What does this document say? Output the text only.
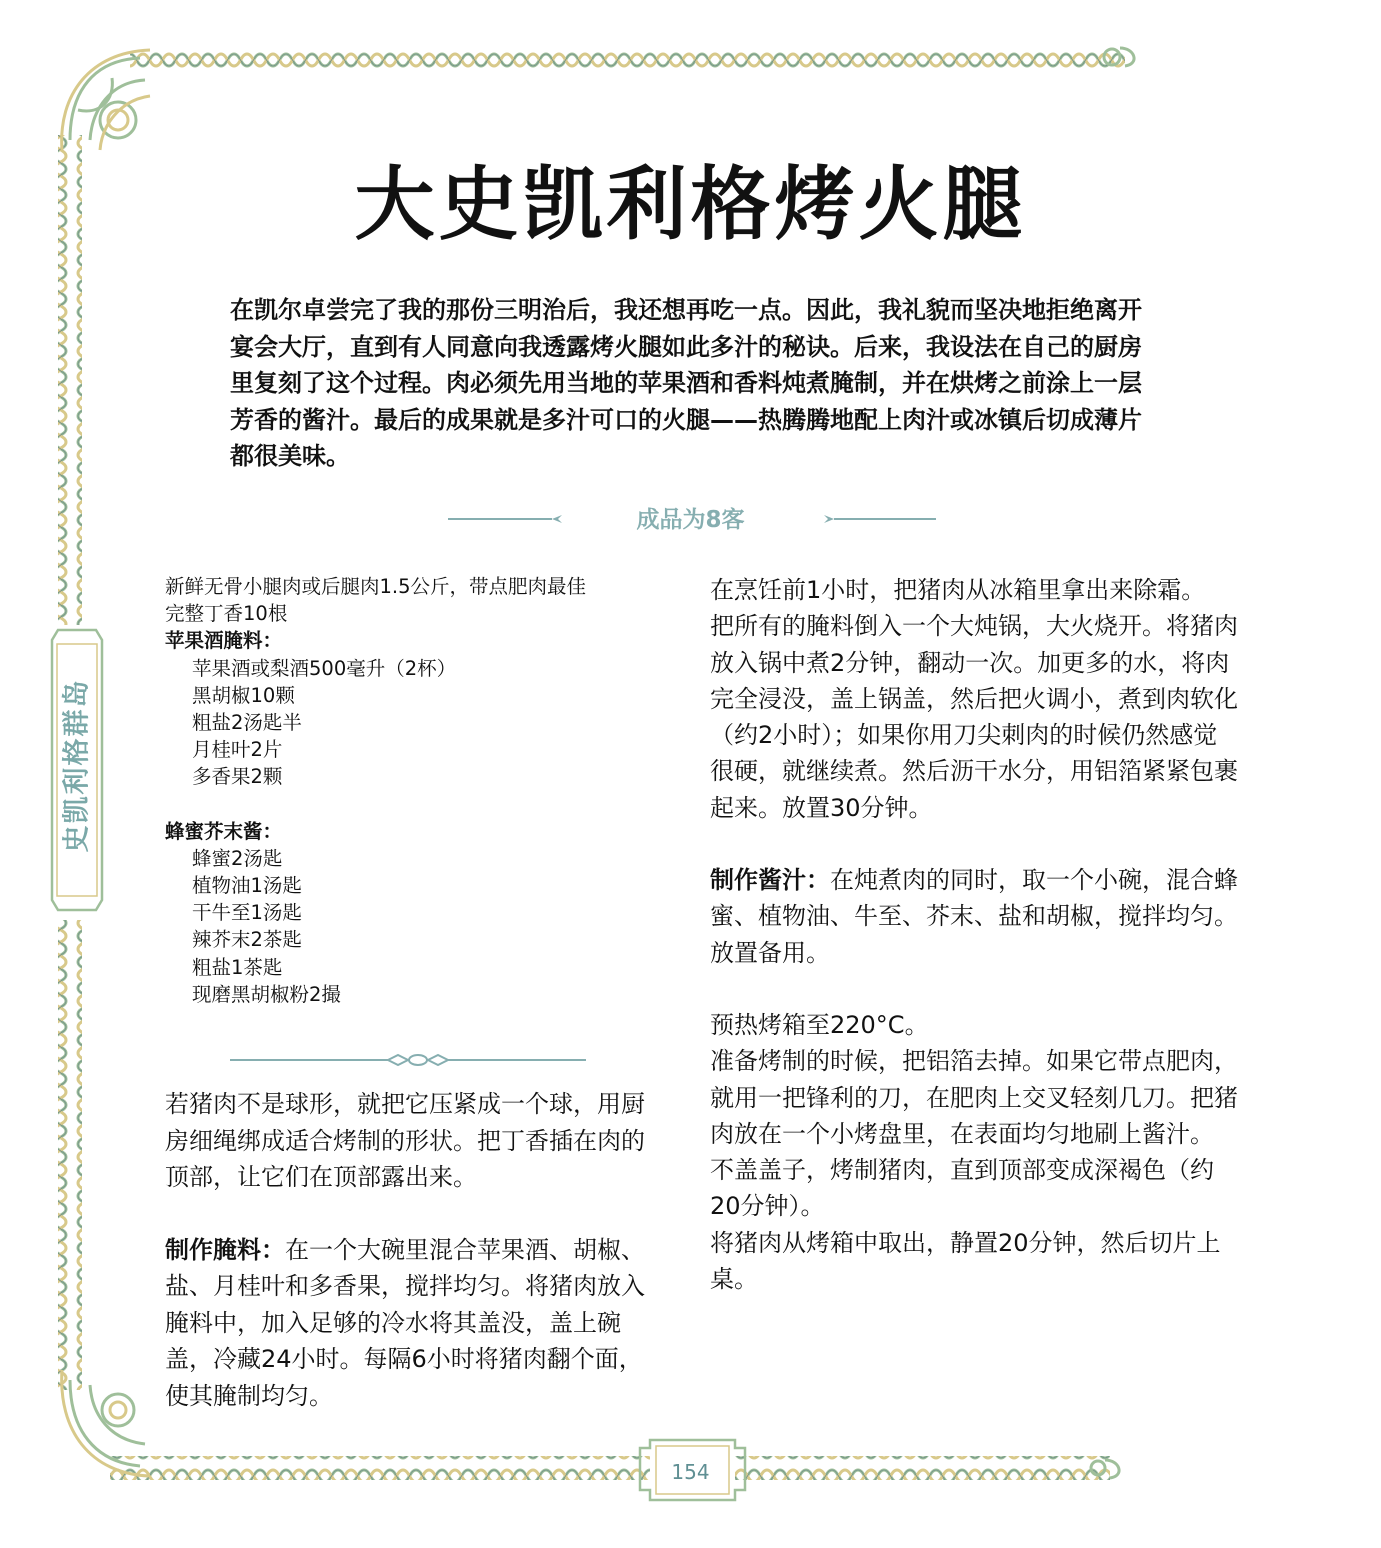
史凯利格群岛
大史凯利格烤火腿
在凯尔卓尝完了我的那份三明治后，我还想再吃一点。因此，我礼貌而坚决地拒绝离开宴会大厅，直到有人同意向我透露烤火腿如此多汁的秘诀。后来，我设法在自己的厨房里复刻了这个过程。肉必须先用当地的苹果酒和香料炖煮腌制，并在烘烤之前涂上一层芳香的酱汁。最后的成果就是多汁可口的火腿——热腾腾地配上肉汁或冰镇后切成薄片都很美味。
成品为8客
新鲜无骨小腿肉或后腿肉1.5公斤，带点肥肉最佳
完整丁香10根
苹果酒腌料：
苹果酒或梨酒500毫升（2杯）
黑胡椒10颗
粗盐2汤匙半
月桂叶2片
多香果2颗
蜂蜜芥末酱：
蜂蜜2汤匙
植物油1汤匙
干牛至1汤匙
辣芥末2茶匙
粗盐1茶匙
现磨黑胡椒粉2撮
若猪肉不是球形，就把它压紧成一个球，用厨房细绳绑成适合烤制的形状。把丁香插在肉的顶部，让它们在顶部露出来。
制作腌料：在一个大碗里混合苹果酒、胡椒、盐、月桂叶和多香果，搅拌均匀。将猪肉放入腌料中，加入足够的冷水将其盖没，盖上碗盖，冷藏24小时。每隔6小时将猪肉翻个面，使其腌制均匀。
在烹饪前1小时，把猪肉从冰箱里拿出来除霜。
把所有的腌料倒入一个大炖锅，大火烧开。将猪肉放入锅中煮2分钟，翻动一次。加更多的水，将肉完全浸没，盖上锅盖，然后把火调小，煮到肉软化（约2小时）；如果你用刀尖刺肉的时候仍然感觉很硬，就继续煮。然后沥干水分，用铝箔紧紧包裹起来。放置30分钟。
制作酱汁：在炖煮肉的同时，取一个小碗，混合蜂蜜、植物油、牛至、芥末、盐和胡椒，搅拌均匀。放置备用。
预热烤箱至220°C。
准备烤制的时候，把铝箔去掉。如果它带点肥肉，就用一把锋利的刀，在肥肉上交叉轻刻几刀。把猪肉放在一个小烤盘里，在表面均匀地刷上酱汁。
不盖盖子，烤制猪肉，直到顶部变成深褐色（约20分钟）。
将猪肉从烤箱中取出，静置20分钟，然后切片上桌。
154
